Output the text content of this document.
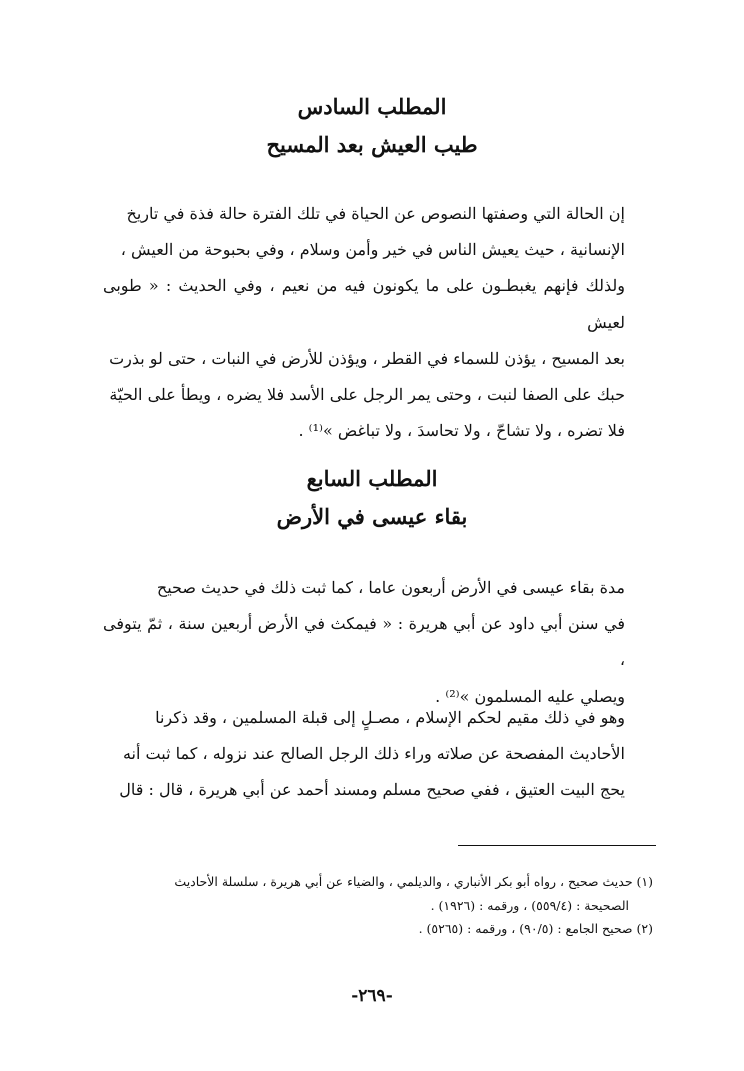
المطلب السادس
طيب العيش بعد المسيح

إن الحالة التي وصفتها النصوص عن الحياة في تلك الفترة حالة فذة في تاريخ

الإنسانية ، حيث يعيش الناس في خير وأمن وسلام ، وفي بحبوحة من العيش ،

ولذلك فإنهم يغبطـون على ما يكونون فيه من نعيم ، وفي الحديث : « طوبى لعيش

بعد المسيح ، يؤذن للسماء في القطر ، ويؤذن للأرض في النبات ، حتى لو بذرت

حبك على الصفا لنبت ، وحتى يمر الرجل على الأسد فلا يضره ، ويطأ على الحيّة

فلا تضره ، ولا تشاحّ ، ولا تحاسدَ ، ولا تباغض »⁽¹⁾ .

المطلب السابع
بقاء عيسى في الأرض

مدة بقاء عيسى في الأرض أربعون عاما ، كما ثبت ذلك في حديث صحيح

في سنن أبي داود عن أبي هريرة : « فيمكث في الأرض أربعين سنة ، ثمّ يتوفى ،

ويصلي عليه المسلمون »⁽²⁾ .

وهو في ذلك مقيم لحكم الإسلام ، مصـلٍ إلى قبلة المسلمين ، وقد ذكرنا

الأحاديث المفصحة عن صلاته وراء ذلك الرجل الصالح عند نزوله ، كما ثبت أنه

يحج البيت العتيق ، ففي صحيح مسلم ومسند أحمد عن أبي هريرة ، قال : قال

(١) حديث صحيح ، رواه أبو بكر الأنباري ، والديلمي ، والضياء عن أبي هريرة ، سلسلة الأحاديث
الصحيحة : (٥٥٩/٤) ، ورقمه : (١٩٢٦) .
(٢) صحيح الجامع : (٩٠/٥) ، ورقمه : (٥٢٦٥) .
-٢٦٩-
